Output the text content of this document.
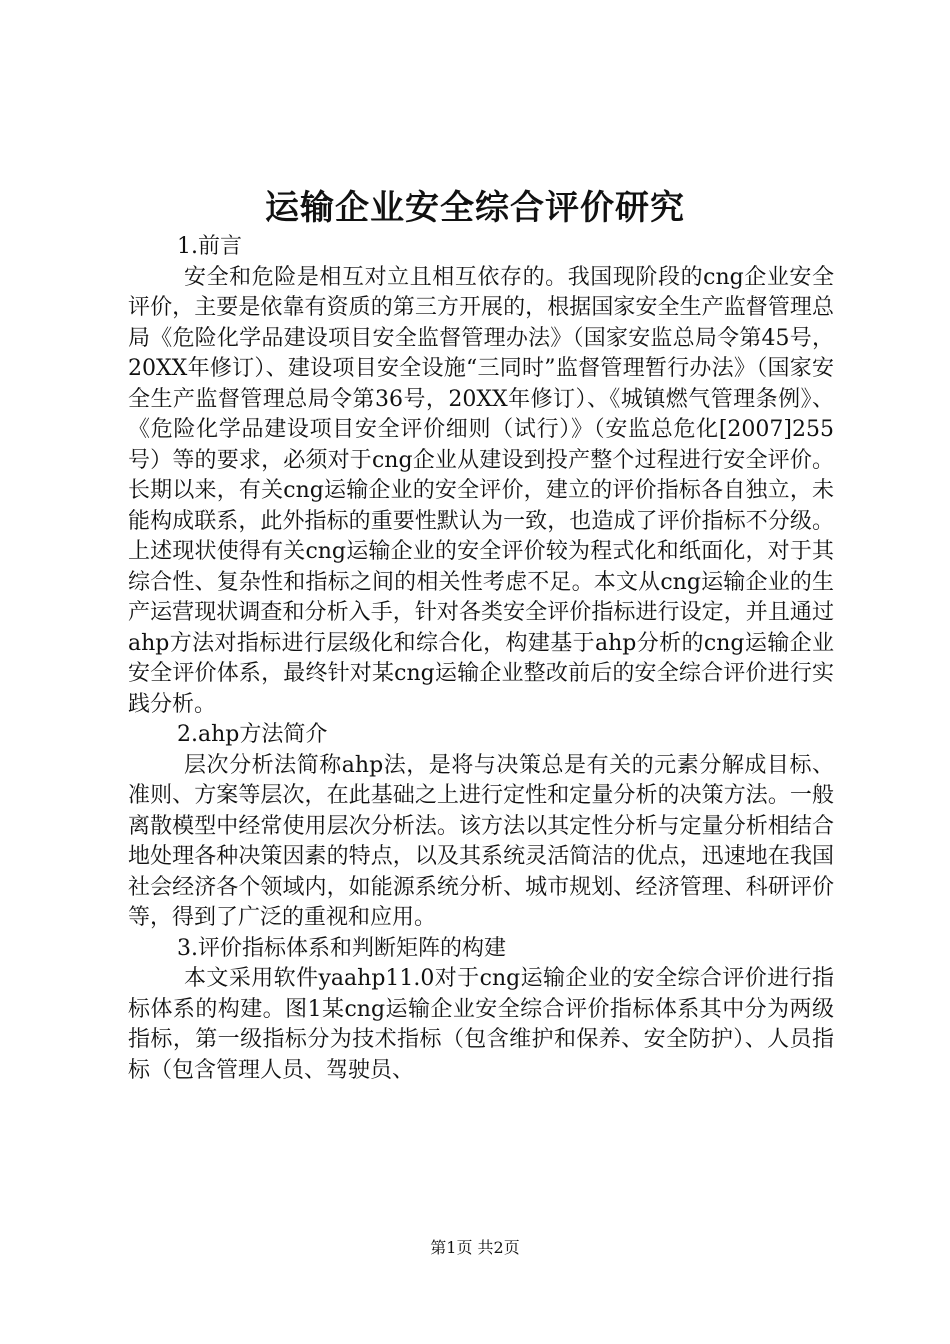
运输企业安全综合评价研究

1.前言

安全和危险是相互对立且相互依存的。我国现阶段的cng企业安全评价，主要是依靠有资质的第三方开展的，根据国家安全生产监督管理总局《危险化学品建设项目安全监督管理办法》（国家安监总局令第45号，20XX年修订）、建设项目安全设施“三同时”监督管理暂行办法》（国家安全生产监督管理总局令第36号，20XX年修订）、《城镇燃气管理条例》、《危险化学品建设项目安全评价细则（试行）》（安监总危化[2007]255号）等的要求，必须对于cng企业从建设到投产整个过程进行安全评价。长期以来，有关cng运输企业的安全评价，建立的评价指标各自独立，未能构成联系，此外指标的重要性默认为一致，也造成了评价指标不分级。上述现状使得有关cng运输企业的安全评价较为程式化和纸面化，对于其综合性、复杂性和指标之间的相关性考虑不足。本文从cng运输企业的生产运营现状调查和分析入手，针对各类安全评价指标进行设定，并且通过ahp方法对指标进行层级化和综合化，构建基于ahp分析的cng运输企业安全评价体系，最终针对某cng运输企业整改前后的安全综合评价进行实践分析。

2.ahp方法简介

层次分析法简称ahp法，是将与决策总是有关的元素分解成目标、准则、方案等层次，在此基础之上进行定性和定量分析的决策方法。一般离散模型中经常使用层次分析法。该方法以其定性分析与定量分析相结合地处理各种决策因素的特点，以及其系统灵活简洁的优点，迅速地在我国社会经济各个领域内，如能源系统分析、城市规划、经济管理、科研评价等，得到了广泛的重视和应用。

3.评价指标体系和判断矩阵的构建

本文采用软件yaahp11.0对于cng运输企业的安全综合评价进行指标体系的构建。图1某cng运输企业安全综合评价指标体系其中分为两级指标，第一级指标分为技术指标（包含维护和保养、安全防护）、人员指标（包含管理人员、驾驶员、

第1页 共2页
